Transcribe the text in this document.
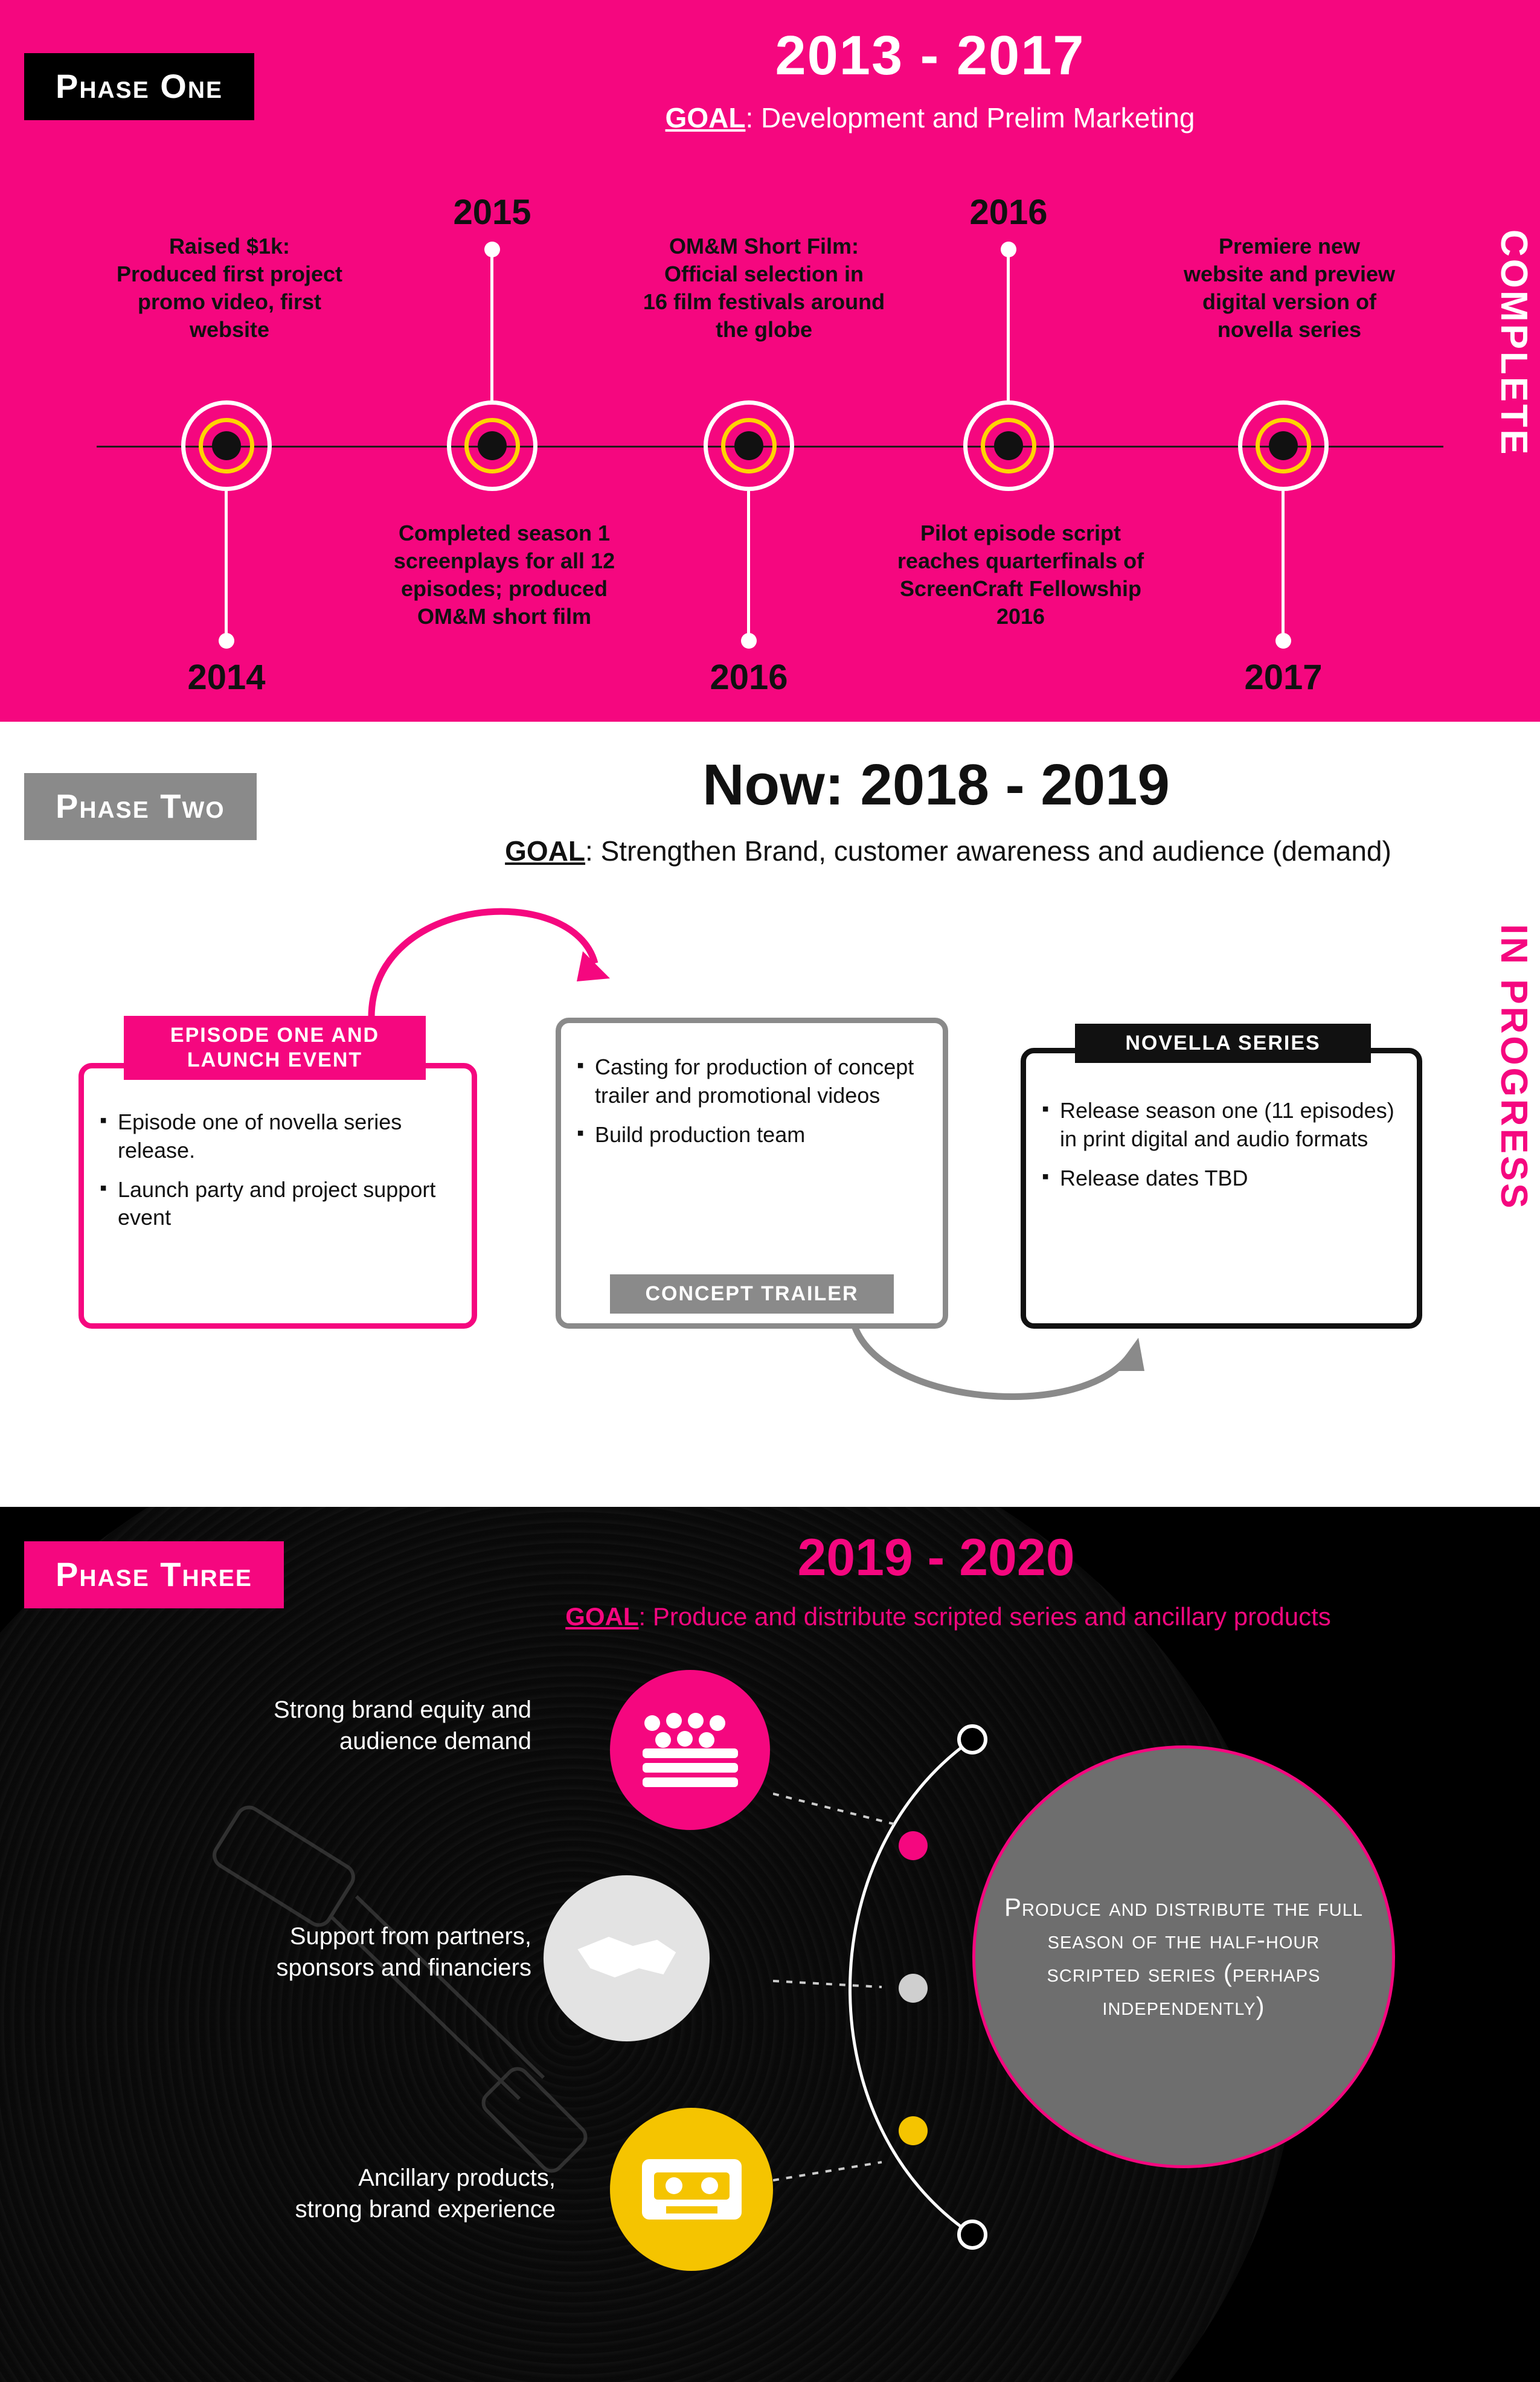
Phase One	2013 - 2017
GOAL: Development and Prelim Marketing
COMPLETE
Raised $1k:
Produced first project
promo video, first
website
2014
2015
Completed season 1
screenplays for all 12
episodes; produced
OM&M short film
OM&M Short Film:
Official selection in
16 film festivals around
the globe
2016
2016
Pilot episode script
reaches quarterfinals of
ScreenCraft Fellowship
2016
Premiere new
website and preview
digital version of
novella series
2017
Phase Two	Now: 2018 - 2019
GOAL: Strengthen Brand, customer awareness and audience (demand)
IN PROGRESS
▪ Episode one of novella series release.
▪ Launch party and project support event
EPISODE ONE AND
LAUNCH EVENT	▪ Casting for production of concept trailer and promotional videos
▪ Build production team
CONCEPT TRAILER
▪ Release season one (11 episodes) in print digital and audio formats
▪ Release dates TBD
NOVELLA SERIES
Phase Three	2019 - 2020
GOAL: Produce and distribute scripted series and ancillary products
Strong brand equity and
audience demand
Support from partners,
sponsors and financiers
Ancillary products,
strong brand experience
Produce and distribute the full season of the half-hour scripted series (perhaps independently)
